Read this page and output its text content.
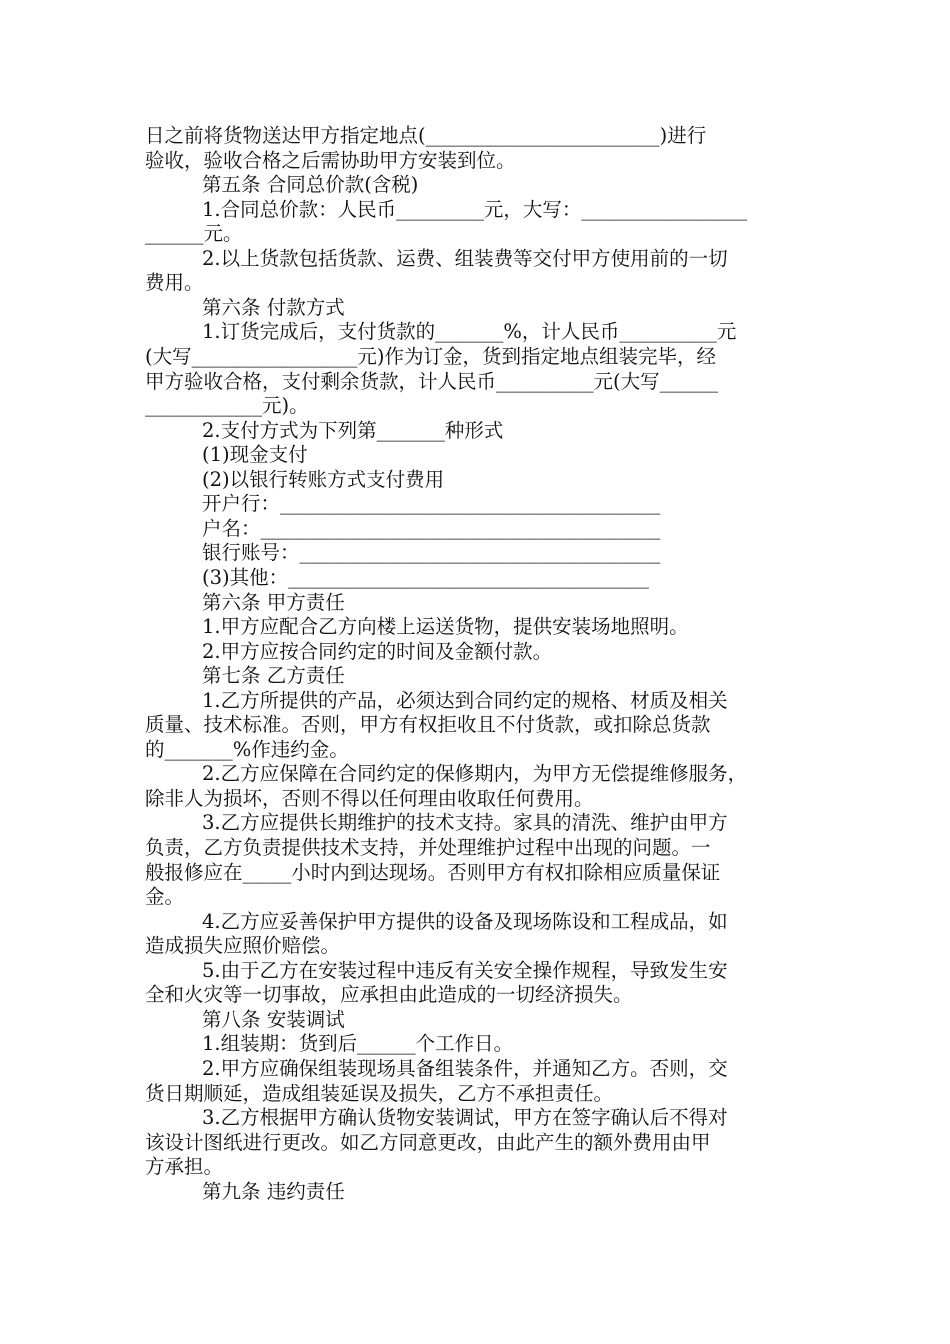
日之前将货物送达甲方指定地点(________________________)进行
验收，验收合格之后需协助甲方安装到位。
第五条 合同总价款(含税)
1.合同总价款：人民币_________元，大写：_________________
______元。
2.以上货款包括货款、运费、组装费等交付甲方使用前的一切
费用。
第六条 付款方式
1.订货完成后，支付货款的_______%，计人民币__________元
(大写_________________元)作为订金，货到指定地点组装完毕，经
甲方验收合格，支付剩余货款，计人民币__________元(大写______
____________元)。
2.支付方式为下列第_______种形式
(1)现金支付
(2)以银行转账方式支付费用
开户行：_______________________________________
户名：_________________________________________
银行账号：_____________________________________
(3)其他：_____________________________________
第六条 甲方责任
1.甲方应配合乙方向楼上运送货物，提供安装场地照明。
2.甲方应按合同约定的时间及金额付款。
第七条 乙方责任
1.乙方所提供的产品，必须达到合同约定的规格、材质及相关
质量、技术标准。否则，甲方有权拒收且不付货款，或扣除总货款
的_______%作违约金。
2.乙方应保障在合同约定的保修期内，为甲方无偿提维修服务，
除非人为损坏，否则不得以任何理由收取任何费用。
3.乙方应提供长期维护的技术支持。家具的清洗、维护由甲方
负责，乙方负责提供技术支持，并处理维护过程中出现的问题。一
般报修应在_____小时内到达现场。否则甲方有权扣除相应质量保证
金。
4.乙方应妥善保护甲方提供的设备及现场陈设和工程成品，如
造成损失应照价赔偿。
5.由于乙方在安装过程中违反有关安全操作规程，导致发生安
全和火灾等一切事故，应承担由此造成的一切经济损失。
第八条 安装调试
1.组装期：货到后______个工作日。
2.甲方应确保组装现场具备组装条件，并通知乙方。否则，交
货日期顺延，造成组装延误及损失，乙方不承担责任。
3.乙方根据甲方确认货物安装调试，甲方在签字确认后不得对
该设计图纸进行更改。如乙方同意更改，由此产生的额外费用由甲
方承担。
第九条 违约责任
